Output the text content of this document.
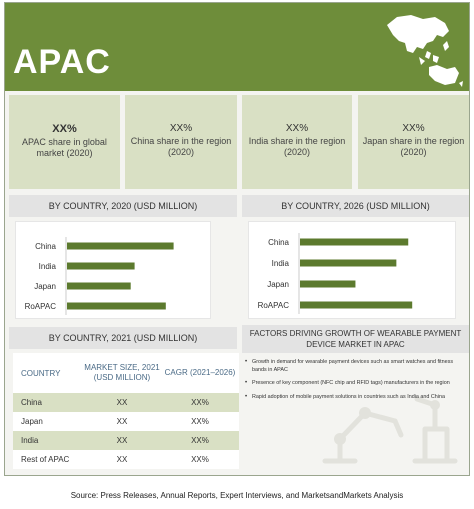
APAC
XX%
APAC share in global market (2020)
XX%
China share in the region (2020)
XX%
India share in the region (2020)
XX%
Japan share in the region (2020)
BY COUNTRY, 2020 (USD MILLION)	BY COUNTRY, 2026 (USD MILLION)
China
India
Japan
RoAPAC
China
India
Japan
RoAPAC
BY COUNTRY, 2021 (USD MILLION)	FACTORS DRIVING GROWTH OF WEARABLE PAYMENT DEVICE MARKET IN APAC
COUNTRY
MARKET SIZE, 2021 (USD MILLION)
CAGR (2021–2026)
China	XX	XX%
Japan	XX	XX%
India	XX	XX%
Rest of APAC	XX	XX%
• Growth in demand for wearable payment devices such as smart watches and fitness bands in APAC
• Presence of key component (NFC chip and RFID tags) manufacturers in the region
• Rapid adoption of mobile payment solutions in countries such as India and China
Source: Press Releases, Annual Reports, Expert Interviews, and MarketsandMarkets Analysis
